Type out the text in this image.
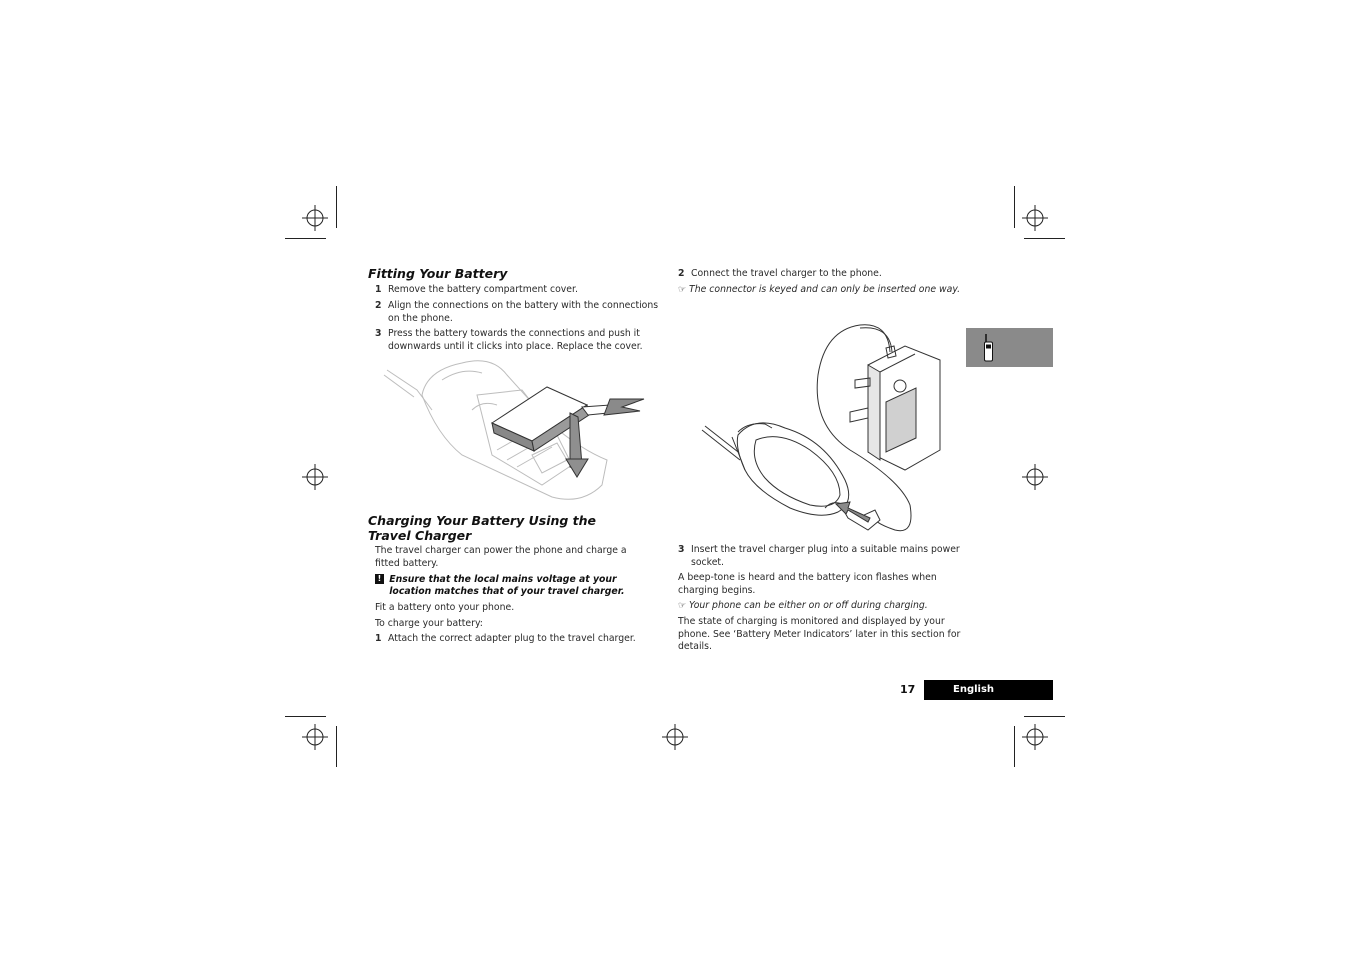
Fitting Your Battery
1 Remove the battery compartment cover.
2 Align the connections on the battery with the connections on the phone.
3 Press the battery towards the connections and push it downwards until it clicks into place. Replace the cover.
Charging Your Battery Using the Travel Charger
The travel charger can power the phone and charge a fitted battery.
! Ensure that the local mains voltage at your location matches that of your travel charger.
Fit a battery onto your phone.
To charge your battery:
1 Attach the correct adapter plug to the travel charger.
2 Connect the travel charger to the phone.
☞ The connector is keyed and can only be inserted one way.
3 Insert the travel charger plug into a suitable mains power socket.
A beep-tone is heard and the battery icon flashes when charging begins.
☞ Your phone can be either on or off during charging.
The state of charging is monitored and displayed by your phone. See ‘Battery Meter Indicators’ later in this section for details.
17	English
